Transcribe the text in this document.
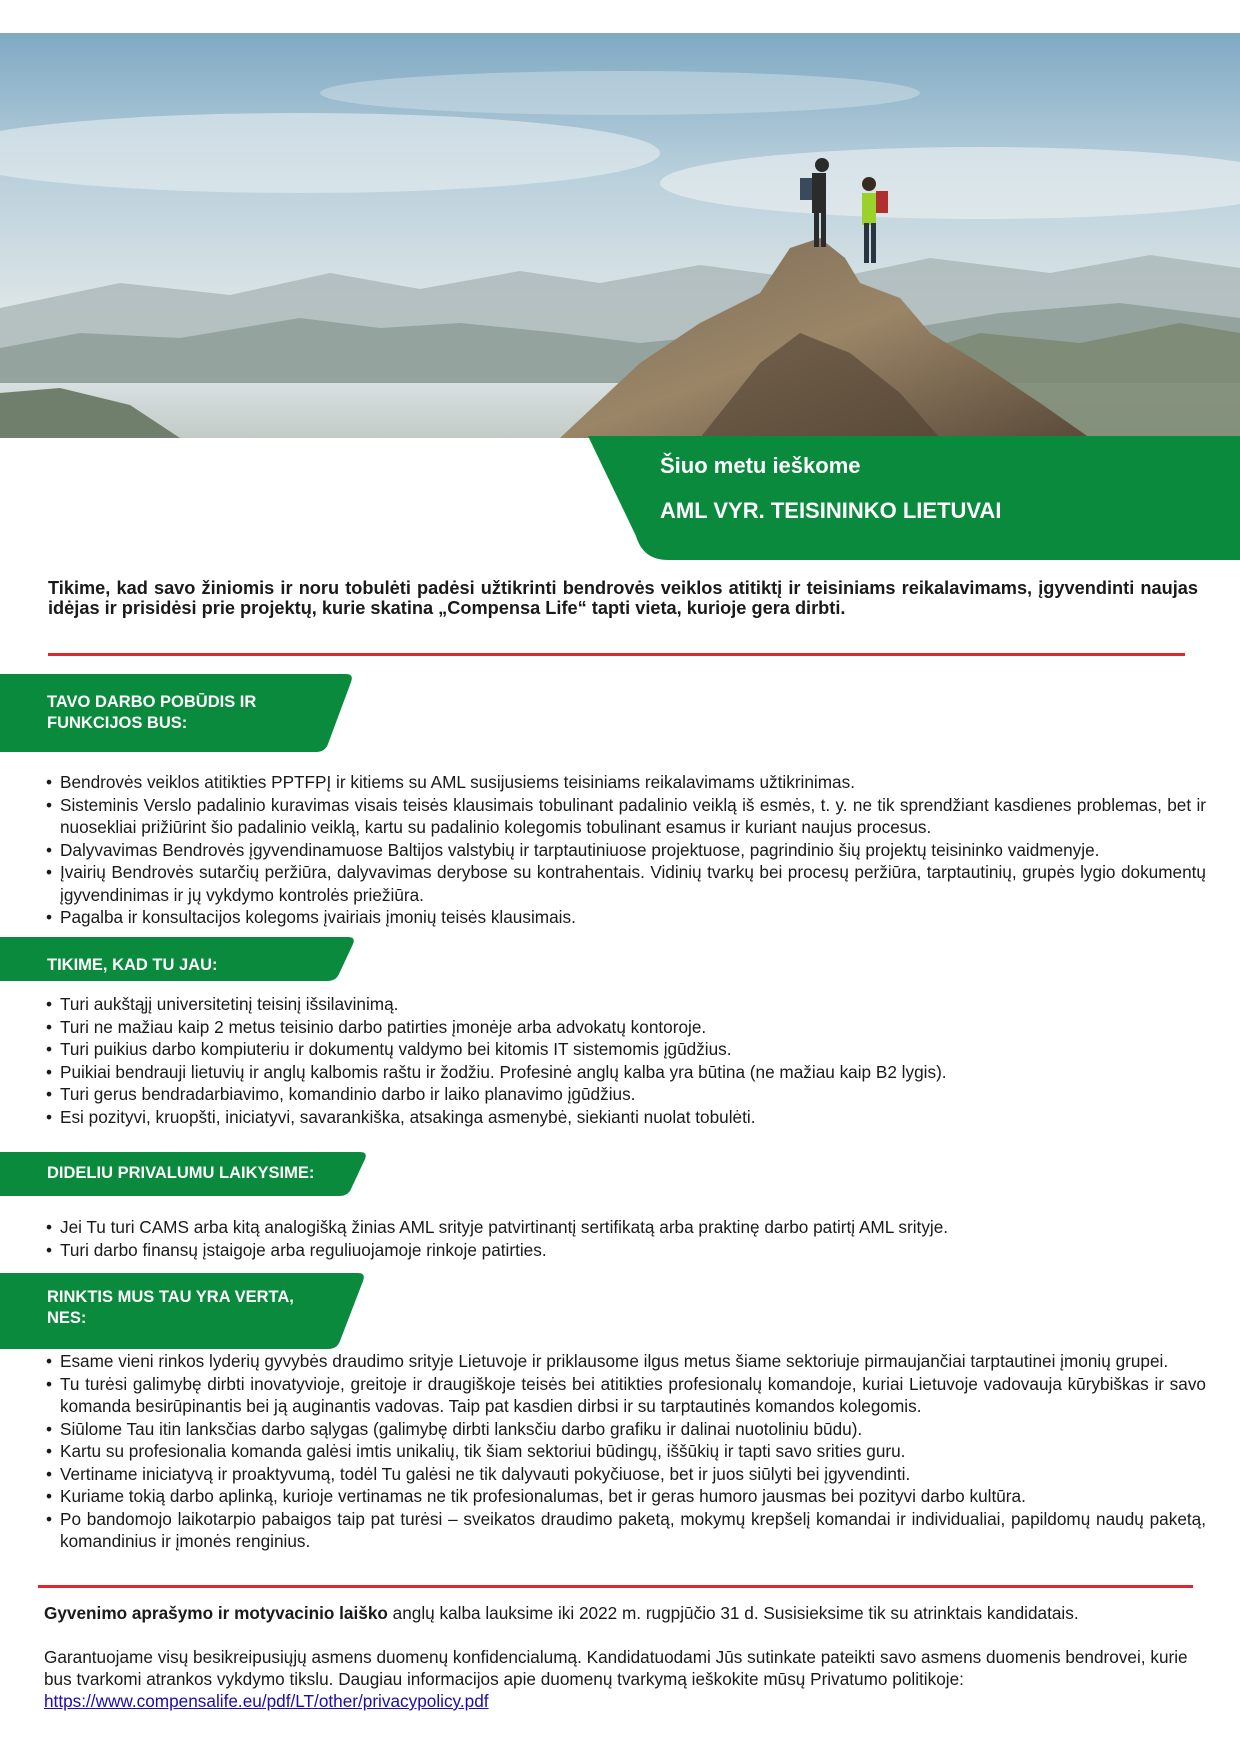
Šiuo metu ieškome
AML VYR. TEISININKO LIETUVAI
Tikime, kad savo žiniomis ir noru tobulėti padėsi užtikrinti bendrovės veiklos atitiktį ir teisiniams reikalavimams, įgyvendinti naujas idėjas ir prisidėsi prie projektų, kurie skatina „Compensa Life“ tapti vieta, kurioje gera dirbti.
TAVO DARBO POBŪDIS IR
FUNKCIJOS BUS:
• Bendrovės veiklos atitikties PPTFPĮ ir kitiems su AML susijusiems teisiniams reikalavimams užtikrinimas.
• Sisteminis Verslo padalinio kuravimas visais teisės klausimais tobulinant padalinio veiklą iš esmės, t. y. ne tik sprendžiant kasdienes problemas, bet ir nuosekliai prižiūrint šio padalinio veiklą, kartu su padalinio kolegomis tobulinant esamus ir kuriant naujus procesus.
• Dalyvavimas Bendrovės įgyvendinamuose Baltijos valstybių ir tarptautiniuose projektuose, pagrindinio šių projektų teisininko vaidmenyje.
• Įvairių Bendrovės sutarčių peržiūra, dalyvavimas derybose su kontrahentais. Vidinių tvarkų bei procesų peržiūra, tarptautinių, grupės lygio dokumentų įgyvendinimas ir jų vykdymo kontrolės priežiūra.
• Pagalba ir konsultacijos kolegoms įvairiais įmonių teisės klausimais.
TIKIME, KAD TU JAU:
• Turi aukštąjį universitetinį teisinį išsilavinimą.
• Turi ne mažiau kaip 2 metus teisinio darbo patirties įmonėje arba advokatų kontoroje.
• Turi puikius darbo kompiuteriu ir dokumentų valdymo bei kitomis IT sistemomis įgūdžius.
• Puikiai bendrauji lietuvių ir anglų kalbomis raštu ir žodžiu. Profesinė anglų kalba yra būtina (ne mažiau kaip B2 lygis).
• Turi gerus bendradarbiavimo, komandinio darbo ir laiko planavimo įgūdžius.
• Esi pozityvi, kruopšti, iniciatyvi, savarankiška, atsakinga asmenybė, siekianti nuolat tobulėti.
DIDELIU PRIVALUMU LAIKYSIME:
• Jei Tu turi CAMS arba kitą analogišką žinias AML srityje patvirtinantį sertifikatą arba praktinę darbo patirtį AML srityje.
• Turi darbo finansų įstaigoje arba reguliuojamoje rinkoje patirties.
RINKTIS MUS TAU YRA VERTA,
NES:
• Esame vieni rinkos lyderių gyvybės draudimo srityje Lietuvoje ir priklausome ilgus metus šiame sektoriuje pirmaujančiai tarptautinei įmonių grupei.
• Tu turėsi galimybę dirbti inovatyvioje, greitoje ir draugiškoje teisės bei atitikties profesionalų komandoje, kuriai Lietuvoje vadovauja kūrybiškas ir savo komanda besirūpinantis bei ją auginantis vadovas. Taip pat kasdien dirbsi ir su tarptautinės komandos kolegomis.
• Siūlome Tau itin lanksčias darbo sąlygas (galimybę dirbti lanksčiu darbo grafiku ir dalinai nuotoliniu būdu).
• Kartu su profesionalia komanda galėsi imtis unikalių, tik šiam sektoriui būdingų, iššūkių ir tapti savo srities guru.
• Vertiname iniciatyvą ir proaktyvumą, todėl Tu galėsi ne tik dalyvauti pokyčiuose, bet ir juos siūlyti bei įgyvendinti.
• Kuriame tokią darbo aplinką, kurioje vertinamas ne tik profesionalumas, bet ir geras humoro jausmas bei pozityvi darbo kultūra.
• Po bandomojo laikotarpio pabaigos taip pat turėsi – sveikatos draudimo paketą, mokymų krepšelį komandai ir individualiai, papildomų naudų paketą, komandinius ir įmonės renginius.
Gyvenimo aprašymo ir motyvacinio laiško anglų kalba lauksime iki 2022 m. rugpjūčio 31 d. Susisieksime tik su atrinktais kandidatais.
Garantuojame visų besikreipusiųjų asmens duomenų konfidencialumą. Kandidatuodami Jūs sutinkate pateikti savo asmens duomenis bendrovei, kurie bus tvarkomi atrankos vykdymo tikslu. Daugiau informacijos apie duomenų tvarkymą ieškokite mūsų Privatumo politikoje:
https://www.compensalife.eu/pdf/LT/other/privacypolicy.pdf
